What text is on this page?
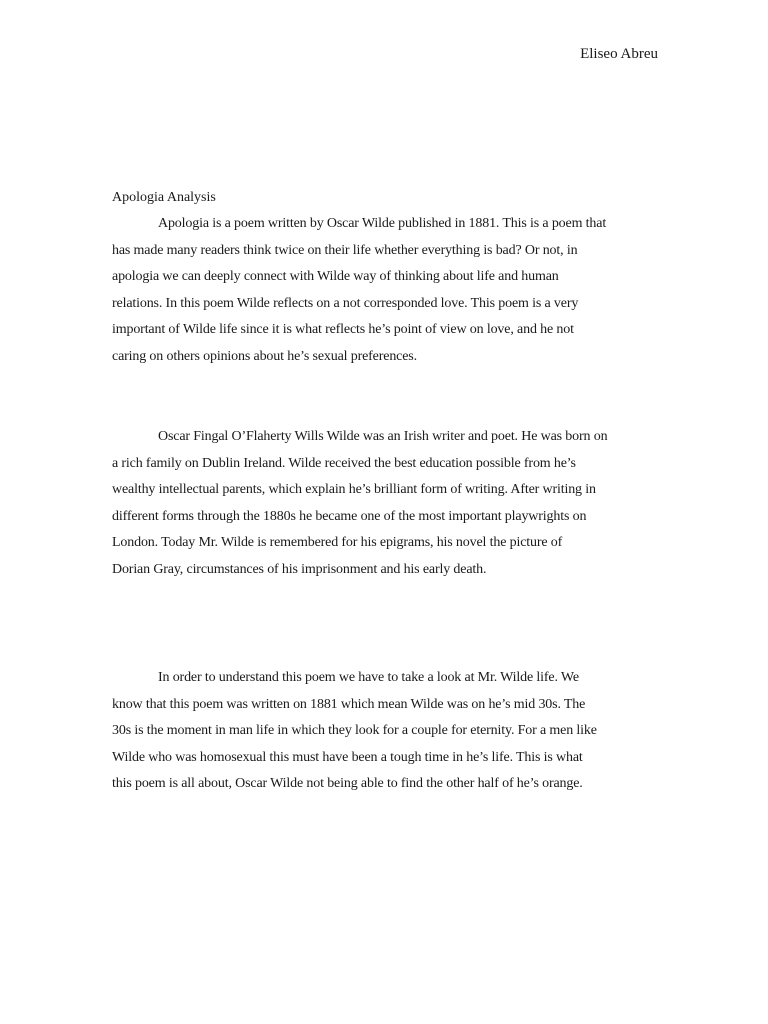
Eliseo Abreu
Apologia Analysis
Apologia is a poem written by Oscar Wilde published in 1881. This is a poem that
has made many readers think twice on their life whether everything is bad? Or not, in
apologia we can deeply connect with Wilde way of thinking about life and human
relations. In this poem Wilde reflects on a not corresponded love. This poem is a very
important of Wilde life since it is what reflects he’s point of view on love, and he not
caring on others opinions about he’s sexual preferences.
Oscar Fingal O’Flaherty Wills Wilde was an Irish writer and poet. He was born on
a rich family on Dublin Ireland. Wilde received the best education possible from he’s
wealthy intellectual parents, which explain he’s brilliant form of writing. After writing in
different forms through the 1880s he became one of the most important playwrights on
London. Today Mr. Wilde is remembered for his epigrams, his novel the picture of
Dorian Gray, circumstances of his imprisonment and his early death.
In order to understand this poem we have to take a look at Mr. Wilde life. We
know that this poem was written on 1881 which mean Wilde was on he’s mid 30s. The
30s is the moment in man life in which they look for a couple for eternity. For a men like
Wilde who was homosexual this must have been a tough time in he’s life. This is what
this poem is all about, Oscar Wilde not being able to find the other half of he’s orange.
